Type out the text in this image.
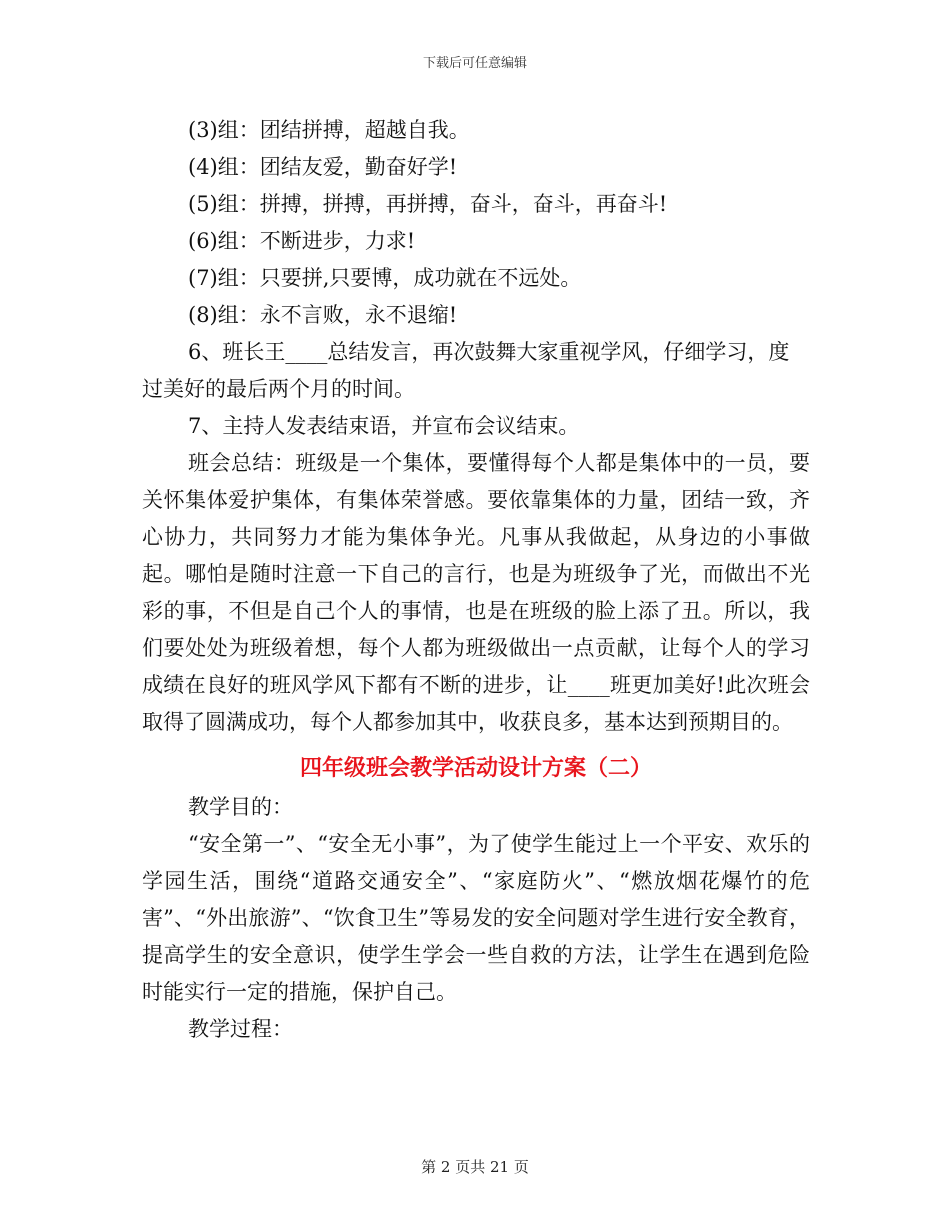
下载后可任意编辑

(3)组：团结拼搏，超越自我。

(4)组：团结友爱，勤奋好学!

(5)组：拼搏，拼搏，再拼搏，奋斗，奋斗，再奋斗!

(6)组：不断进步，力求!

(7)组：只要拼,只要博，成功就在不远处。

(8)组：永不言败，永不退缩!

6、班长王____总结发言，再次鼓舞大家重视学风，仔细学习，度过美好的最后两个月的时间。

7、主持人发表结束语，并宣布会议结束。

班会总结：班级是一个集体，要懂得每个人都是集体中的一员，要关怀集体爱护集体，有集体荣誉感。要依靠集体的力量，团结一致，齐心协力，共同努力才能为集体争光。凡事从我做起，从身边的小事做起。哪怕是随时注意一下自己的言行，也是为班级争了光，而做出不光彩的事，不但是自己个人的事情，也是在班级的脸上添了丑。所以，我们要处处为班级着想，每个人都为班级做出一点贡献，让每个人的学习成绩在良好的班风学风下都有不断的进步，让____班更加美好!此次班会取得了圆满成功，每个人都参加其中，收获良多，基本达到预期目的。

四年级班会教学活动设计方案（二）

教学目的：

“安全第一”、“安全无小事”，为了使学生能过上一个平安、欢乐的学园生活，围绕“道路交通安全”、“家庭防火”、“燃放烟花爆竹的危害”、“外出旅游”、“饮食卫生”等易发的安全问题对学生进行安全教育，提高学生的安全意识，使学生学会一些自救的方法，让学生在遇到危险时能实行一定的措施，保护自己。

教学过程：

第 2 页共 21 页
